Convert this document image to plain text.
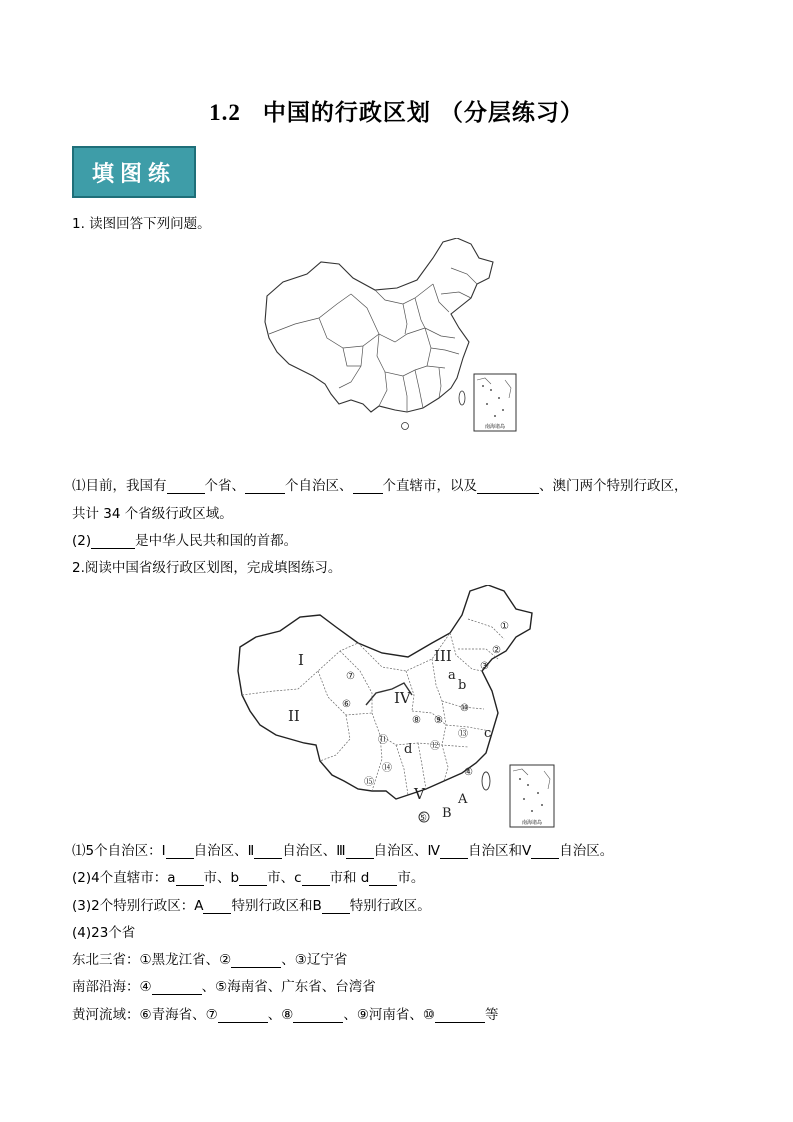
1.2 中国的行政区划 （分层练习）
填图练
1. 读图回答下列问题。
南海诸岛
⑴目前，我国有	个省、	个自治区、 个直辖市，以及	、澳门两个特别行政区，
共计 34 个省级行政区域。
(2)	是中华人民共和国的首都。
2.阅读中国省级行政区划图，完成填图练习。
I
II
III
IV
V
a
b
c
d
A
B
①
②
③
④
⑤
⑥
⑦
⑧ ⑨
⑩
⑪
⑫
⑬
⑭
⑮
南海诸岛
⑴5个自治区：Ⅰ 自治区、Ⅱ 自治区、Ⅲ 自治区、Ⅳ 自治区和Ⅴ 自治区。
(2)4个直辖市：a 市、b 市、c 市和 d 市。
(3)2个特别行政区：A 特别行政区和B 特别行政区。
(4)23个省
东北三省：①黑龙江省、②	、③辽宁省
南部沿海：④	、⑤海南省、广东省、台湾省
黄河流域：⑥青海省、⑦	、⑧	、⑨河南省、⑩	等
